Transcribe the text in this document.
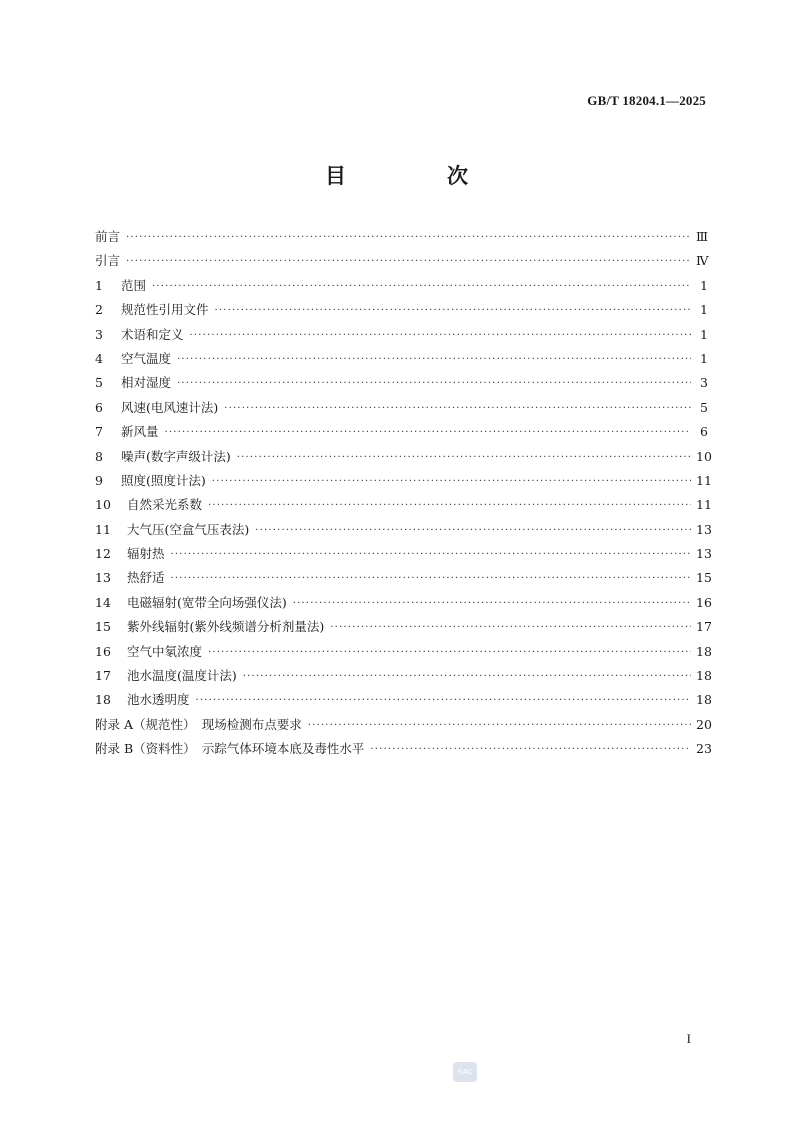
GB/T 18204.1—2025
目　次
前言 ·····	Ⅲ
引言 ·····	Ⅳ
1	范围 ·····	1
2	规范性引用文件 ·····	1
3	术语和定义 ·····	1
4	空气温度 ·····	1
5	相对湿度 ·····	3
6	风速(电风速计法) ·····	5
7	新风量 ·····	6
8	噪声(数字声级计法) ·····	10
9	照度(照度计法) ·····	11
10	自然采光系数 ·····	11
11	大气压(空盒气压表法) ·····	13
12	辐射热 ·····	13
13	热舒适 ·····	15
14	电磁辐射(宽带全向场强仪法) ·····	16
15	紫外线辐射(紫外线频谱分析剂量法) ·····	17
16	空气中氡浓度 ·····	18
17	池水温度(温度计法) ·····	18
18	池水透明度 ·····	18
附录 A（规范性）　现场检测布点要求 ·····	20
附录 B（资料性）　示踪气体环境本底及毒性水平 ·····	23
I
SAC
